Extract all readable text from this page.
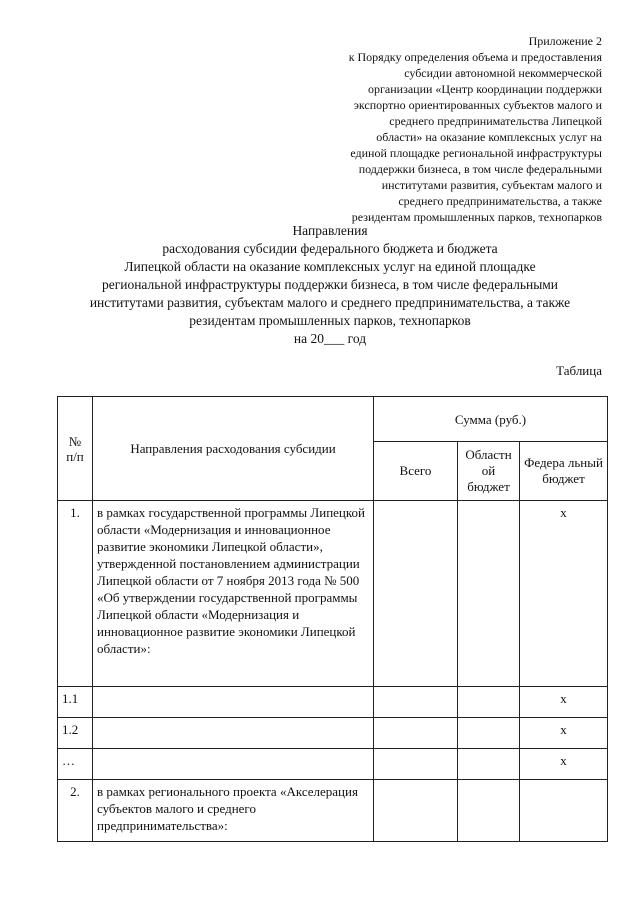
Приложение 2
к Порядку определения объема и предоставления
субсидии автономной некоммерческой
организации «Центр координации поддержки
экспортно ориентированных субъектов малого и
среднего предпринимательства Липецкой
области» на оказание комплексных услуг на
единой площадке региональной инфраструктуры
поддержки бизнеса, в том числе федеральными
институтами развития, субъектам малого и
среднего предпринимательства, а также
резидентам промышленных парков, технопарков
Направления
расходования субсидии федерального бюджета и бюджета
Липецкой области на оказание комплексных услуг на единой площадке
региональной инфраструктуры поддержки бизнеса, в том числе федеральными
институтами развития, субъектам малого и среднего предпринимательства, а также
резидентам промышленных парков, технопарков
на 20___ год
Таблица
№ п/п	Направления расходования субсидии	Сумма (руб.)		
		Всего	Областн ой бюджет	Федера льный бюджет
1.	в рамках государственной программы Липецкой области «Модернизация и инновационное развитие экономики Липецкой области», утвержденной постановлением администрации Липецкой области от 7 ноября 2013 года № 500 «Об утверждении государственной программы Липецкой области «Модернизация и инновационное развитие экономики Липецкой области»:			х
1.1				х
1.2				х
…				х
2.	в рамках регионального проекта «Акселерация субъектов малого и среднего предпринимательства»:			
